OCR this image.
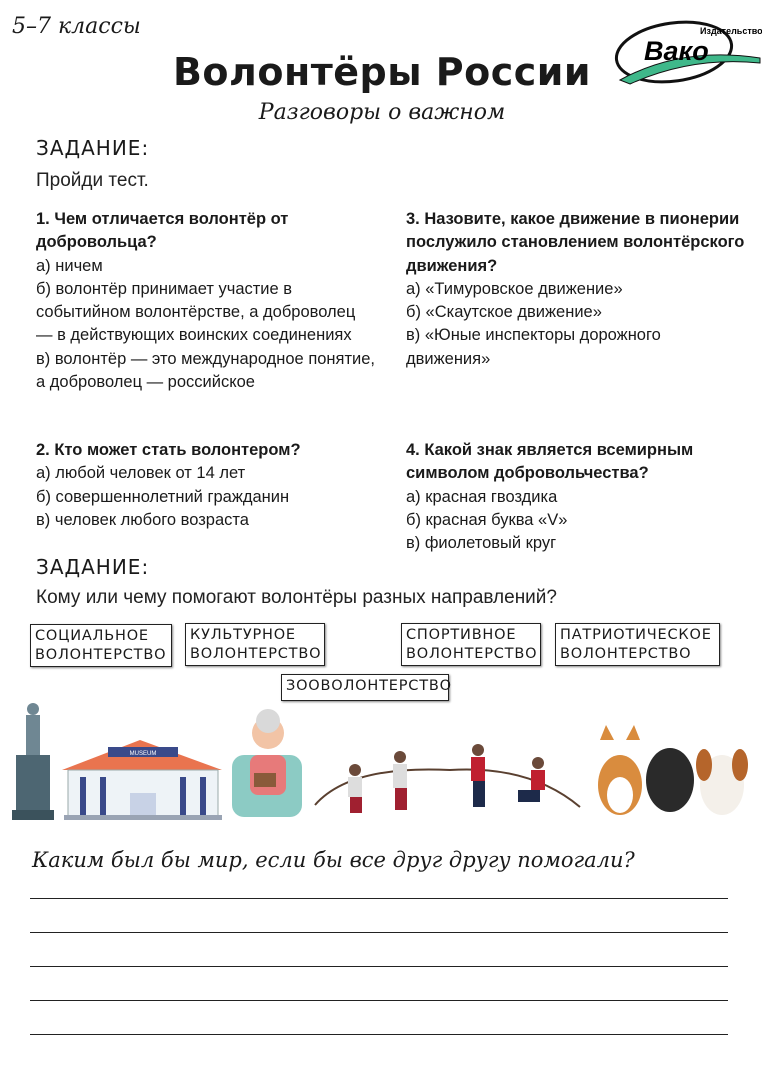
5–7 классы
Волонтёры России
Разговоры о важном
Издательство
Вако
ЗАДАНИЕ:
Пройди тест.
1. Чем отличается волонтёр от добровольца?
а) ничем
б) волонтёр принимает участие в событийном волонтёрстве, а доброволец — в действующих воинских соединениях
в) волонтёр — это международное понятие, а доброволец — российское
2. Кто может стать волонтером?
а) любой человек от 14 лет
б) совершеннолетний гражданин
в) человек любого возраста
3. Назовите, какое движение в пионерии послужило становлением волонтёрского движения?
а) «Тимуровское движение»
б) «Скаутское движение»
в) «Юные инспекторы дорожного движения»
4. Какой знак является всемирным символом добровольчества?
а) красная гвоздика
б) красная буква «V»
в) фиолетовый круг
ЗАДАНИЕ:
Кому или чему помогают волонтёры разных направлений?
СОЦИАЛЬНОЕ ВОЛОНТЕРСТВО
КУЛЬТУРНОЕ ВОЛОНТЕРСТВО
СПОРТИВНОЕ ВОЛОНТЕРСТВО
ПАТРИОТИЧЕСКОЕ ВОЛОНТЕРСТВО
ЗООВОЛОНТЕРСТВО
MUSEUM
Каким был бы мир, если бы все друг другу помогали?
